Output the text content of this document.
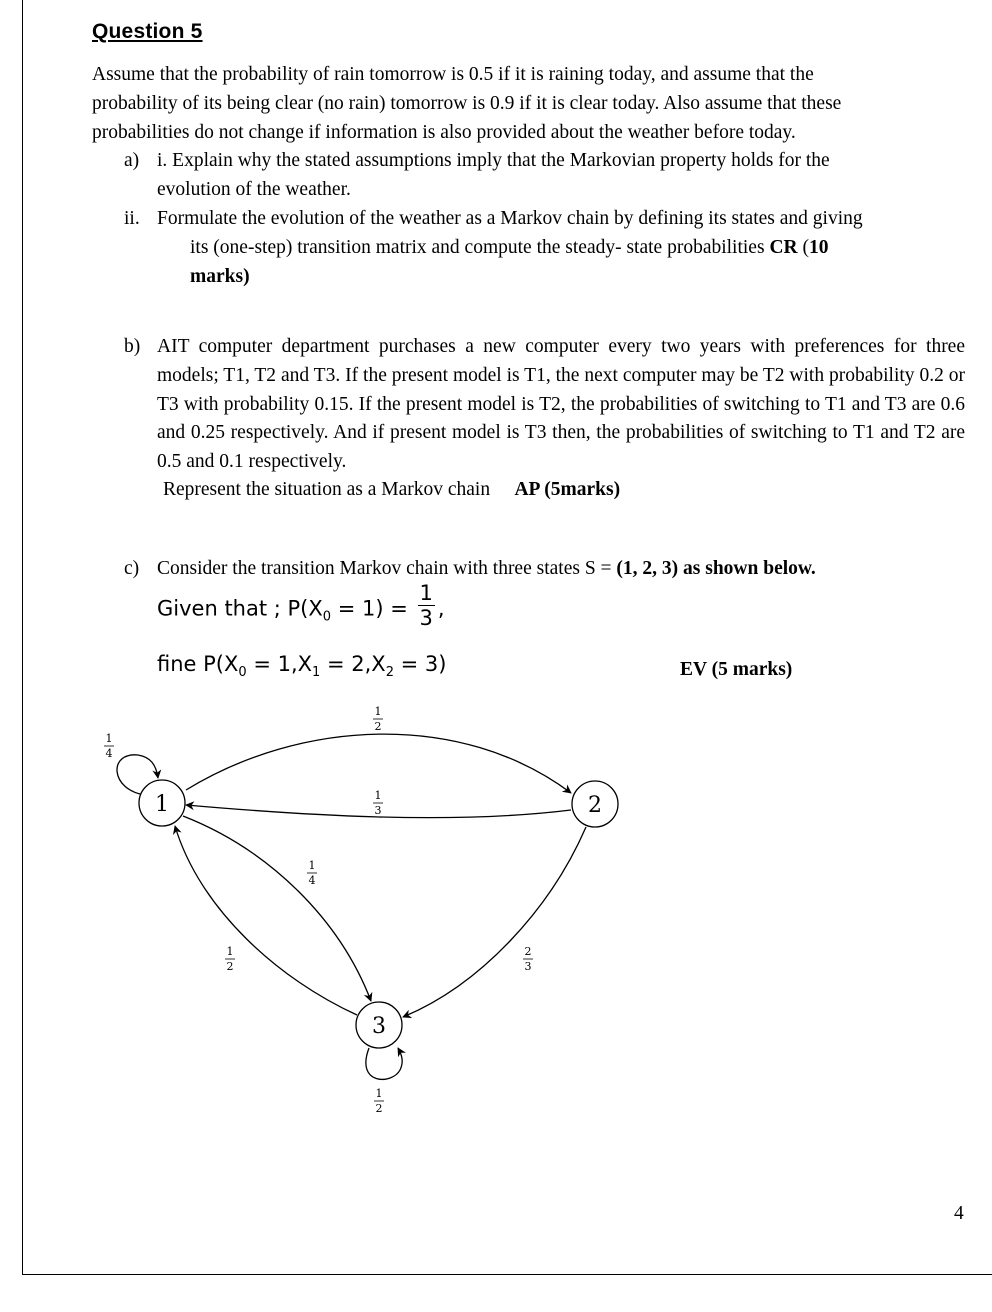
Question 5
Assume that the probability of rain tomorrow is 0.5 if it is raining today, and assume that the
probability of its being clear (no rain) tomorrow is 0.9 if it is clear today. Also assume that these
probabilities do not change if information is also provided about the weather before today.
a) i. Explain why the stated assumptions imply that the Markovian property holds for the
evolution of the weather.
ii. Formulate the evolution of the weather as a Markov chain by defining its states and giving
its (one-step) transition matrix and compute the steady- state probabilities CR (10
marks)
b) AIT computer department purchases a new computer every two years with preferences for three models; T1, T2 and T3. If the present model is T1, the next computer may be T2 with probability 0.2 or T3 with probability 0.15. If the present model is T2, the probabilities of switching to T1 and T3 are 0.6 and 0.25 respectively. And if present model is T3 then, the probabilities of switching to T1 and T2 are 0.5 and 0.1 respectively.
Represent the situation as a Markov chain AP (5marks)
c) Consider the transition Markov chain with three states S = (1, 2, 3) as shown below.
Given that ; $P(X_0 = 1) = \frac{1}{3}$ ,
fine $P(X_0 = 1,X_1 = 2,X_2 = 3)$	EV (5 marks)
1	2
3
1
4
1
2
1
3
1
4
1
2
2
3
1
2
4
